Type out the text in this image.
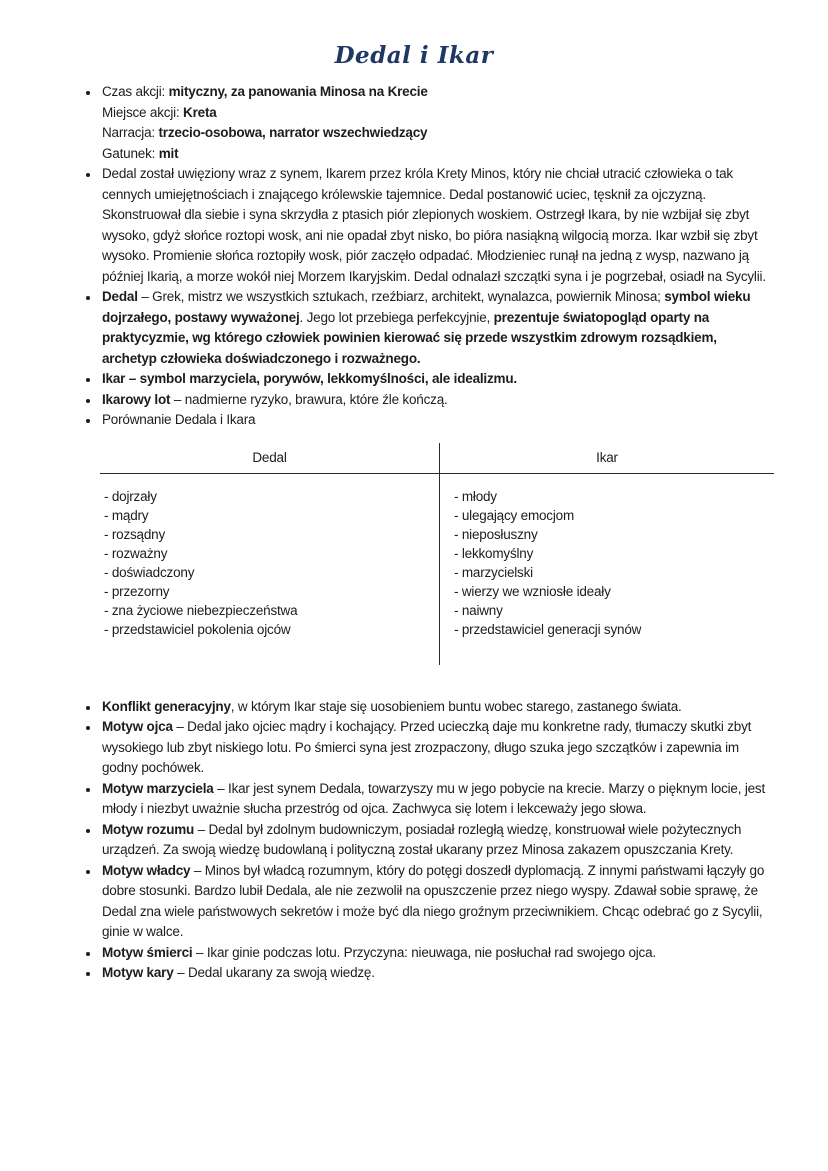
Dedal i Ikar
• Czas akcji: mityczny, za panowania Minosa na Krecie
Miejsce akcji: Kreta
Narracja: trzecio-osobowa, narrator wszechwiedzący
Gatunek: mit
• Dedal został uwięziony wraz z synem, Ikarem przez króla Krety Minos, który nie chciał utracić człowieka o tak cennych umiejętnościach i znającego królewskie tajemnice. Dedal postanowić uciec, tęsknił za ojczyzną. Skonstruował dla siebie i syna skrzydła z ptasich piór zlepionych woskiem. Ostrzegł Ikara, by nie wzbijał się zbyt wysoko, gdyż słońce roztopi wosk, ani nie opadał zbyt nisko, bo pióra nasiąkną wilgocią morza. Ikar wzbił się zbyt wysoko. Promienie słońca roztopiły wosk, piór zaczęło odpadać. Młodzieniec runął na jedną z wysp, nazwano ją później Ikarią, a morze wokół niej Morzem Ikaryjskim. Dedal odnalazł szczątki syna i je pogrzebał, osiadł na Sycylii.
• Dedal – Grek, mistrz we wszystkich sztukach, rzeźbiarz, architekt, wynalazca, powiernik Minosa; symbol wieku dojrzałego, postawy wyważonej. Jego lot przebiega perfekcyjnie, prezentuje światopogląd oparty na praktycyzmie, wg którego człowiek powinien kierować się przede wszystkim zdrowym rozsądkiem, archetyp człowieka doświadczonego i rozważnego.
• Ikar – symbol marzyciela, porywów, lekkomyślności, ale idealizmu.
• Ikarowy lot – nadmierne ryzyko, brawura, które źle kończą.
• Porównanie Dedala i Ikara
Dedal
- dojrzały
- mądry
- rozsądny
- rozważny
- doświadczony
- przezorny
- zna życiowe niebezpieczeństwa
- przedstawiciel pokolenia ojców
Ikar
- młody
- ulegający emocjom
- nieposłuszny
- lekkomyślny
- marzycielski
- wierzy we wzniosłe ideały
- naiwny
- przedstawiciel generacji synów
• Konflikt generacyjny, w którym Ikar staje się uosobieniem buntu wobec starego, zastanego świata.
• Motyw ojca – Dedal jako ojciec mądry i kochający. Przed ucieczką daje mu konkretne rady, tłumaczy skutki zbyt wysokiego lub zbyt niskiego lotu. Po śmierci syna jest zrozpaczony, długo szuka jego szczątków i zapewnia im godny pochówek.
• Motyw marzyciela – Ikar jest synem Dedala, towarzyszy mu w jego pobycie na krecie. Marzy o pięknym locie, jest młody i niezbyt uważnie słucha przestróg od ojca. Zachwyca się lotem i lekceważy jego słowa.
• Motyw rozumu – Dedal był zdolnym budowniczym, posiadał rozległą wiedzę, konstruował wiele pożytecznych urządzeń. Za swoją wiedzę budowlaną i polityczną został ukarany przez Minosa zakazem opuszczania Krety.
• Motyw władcy – Minos był władcą rozumnym, który do potęgi doszedł dyplomacją. Z innymi państwami łączyły go dobre stosunki. Bardzo lubił Dedala, ale nie zezwolił na opuszczenie przez niego wyspy. Zdawał sobie sprawę, że Dedal zna wiele państwowych sekretów i może być dla niego groźnym przeciwnikiem. Chcąc odebrać go z Sycylii, ginie w walce.
• Motyw śmierci – Ikar ginie podczas lotu. Przyczyna: nieuwaga, nie posłuchał rad swojego ojca.
• Motyw kary – Dedal ukarany za swoją wiedzę.
